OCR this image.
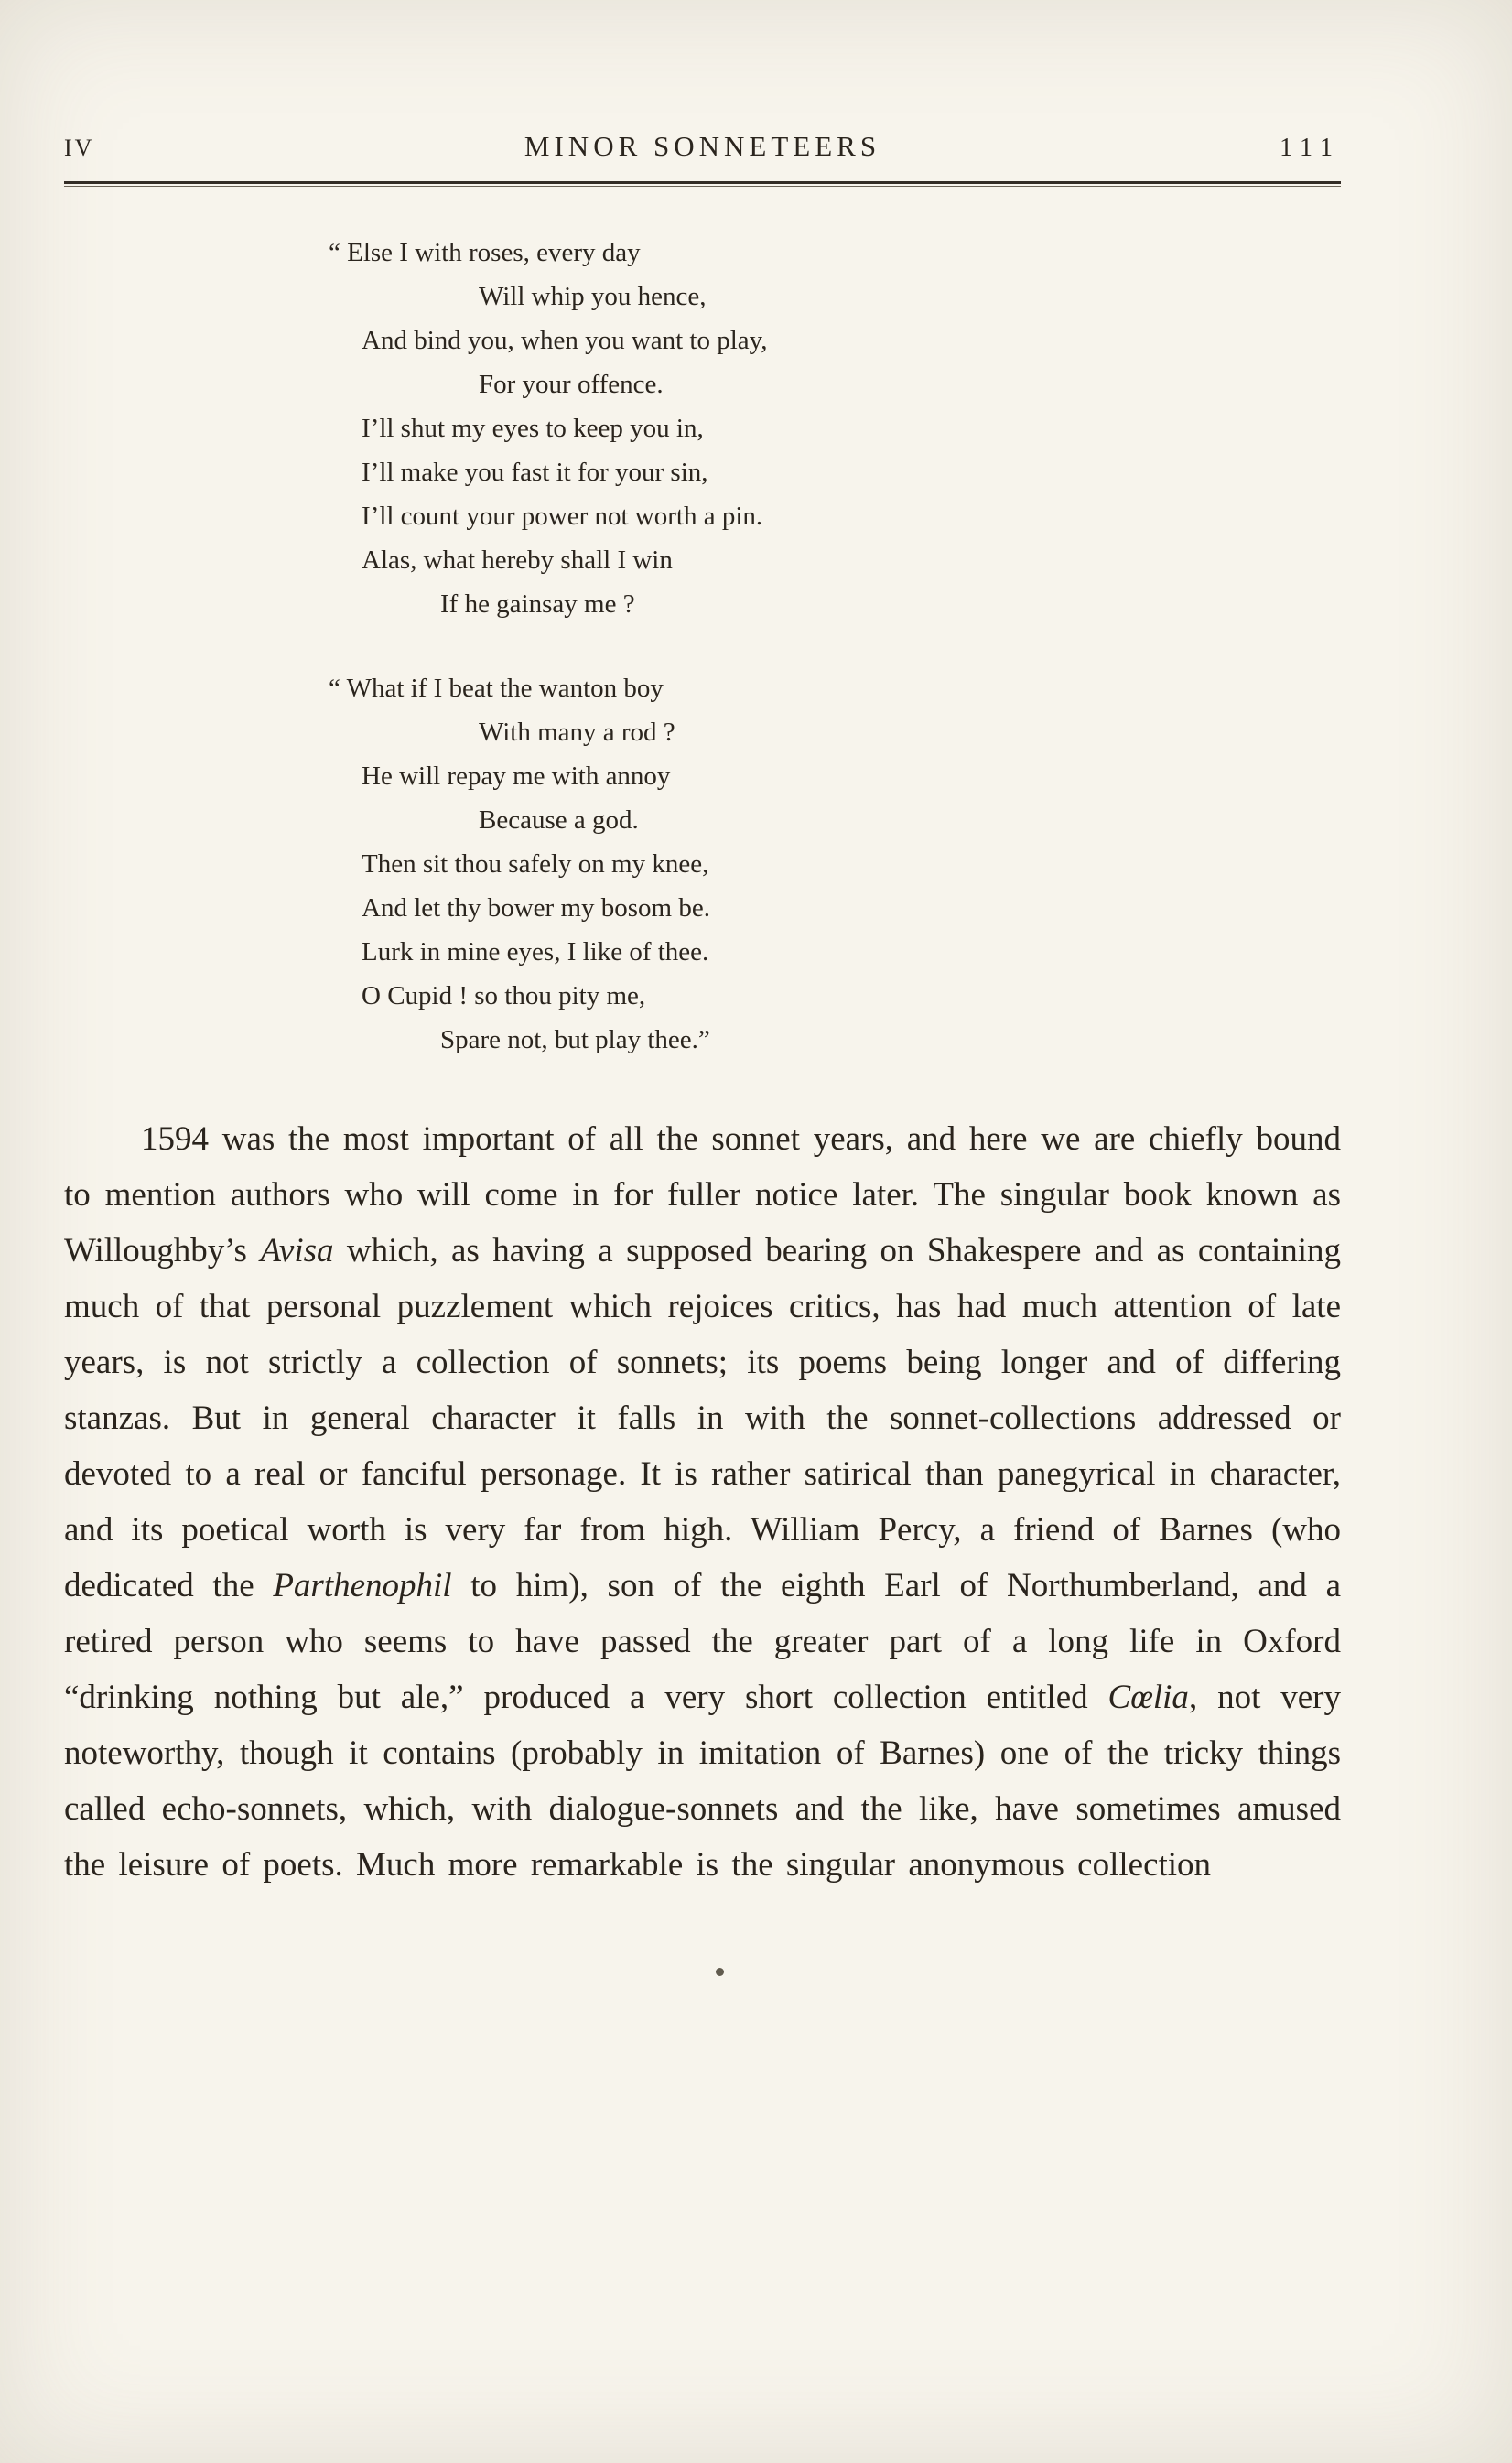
IV	MINOR SONNETEERS	111
“ Else I with roses, every day
Will whip you hence,
And bind you, when you want to play,
For your offence.
I’ll shut my eyes to keep you in,
I’ll make you fast it for your sin,
I’ll count your power not worth a pin.
Alas, what hereby shall I win
If he gainsay me ?
“ What if I beat the wanton boy
With many a rod ?
He will repay me with annoy
Because a god.
Then sit thou safely on my knee,
And let thy bower my bosom be.
Lurk in mine eyes, I like of thee.
O Cupid ! so thou pity me,
Spare not, but play thee.”

1594 was the most important of all the sonnet years, and here we are chiefly bound to mention authors who will come in for fuller notice later. The singular book known as Willoughby’s Avisa which, as having a supposed bearing on Shakespere and as containing much of that personal puzzlement which rejoices critics, has had much attention of late years, is not strictly a collection of sonnets; its poems being longer and of differing stanzas. But in general character it falls in with the sonnet-collections addressed or devoted to a real or fanciful personage. It is rather satirical than panegyrical in character, and its poetical worth is very far from high. William Percy, a friend of Barnes (who dedicated the Parthenophil to him), son of the eighth Earl of Northumberland, and a retired person who seems to have passed the greater part of a long life in Oxford “drinking nothing but ale,” produced a very short collection entitled Cœlia, not very noteworthy, though it contains (probably in imitation of Barnes) one of the tricky things called echo-sonnets, which, with dialogue-sonnets and the like, have sometimes amused the leisure of poets. Much more remarkable is the singular anonymous collection
